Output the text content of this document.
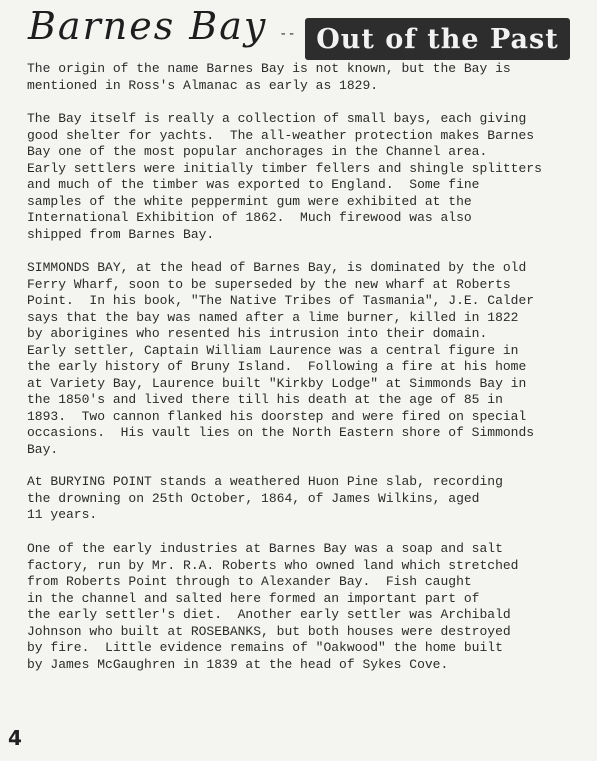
Barnes Bay -- Out of the Past
The origin of the name Barnes Bay is not known, but the Bay is
mentioned in Ross's Almanac as early as 1829.
The Bay itself is really a collection of small bays, each giving
good shelter for yachts.  The all-weather protection makes Barnes
Bay one of the most popular anchorages in the Channel area.
Early settlers were initially timber fellers and shingle splitters
and much of the timber was exported to England.  Some fine
samples of the white peppermint gum were exhibited at the
International Exhibition of 1862.  Much firewood was also
shipped from Barnes Bay.
SIMMONDS BAY, at the head of Barnes Bay, is dominated by the old
Ferry Wharf, soon to be superseded by the new wharf at Roberts
Point.  In his book, "The Native Tribes of Tasmania", J.E. Calder
says that the bay was named after a lime burner, killed in 1822
by aborigines who resented his intrusion into their domain.
Early settler, Captain William Laurence was a central figure in
the early history of Bruny Island.  Following a fire at his home
at Variety Bay, Laurence built "Kirkby Lodge" at Simmonds Bay in
the 1850's and lived there till his death at the age of 85 in
1893.  Two cannon flanked his doorstep and were fired on special
occasions.  His vault lies on the North Eastern shore of Simmonds
Bay.
At BURYING POINT stands a weathered Huon Pine slab, recording
the drowning on 25th October, 1864, of James Wilkins, aged
11 years.
One of the early industries at Barnes Bay was a soap and salt
factory, run by Mr. R.A. Roberts who owned land which stretched
from Roberts Point through to Alexander Bay.  Fish caught
in the channel and salted here formed an important part of
the early settler's diet.  Another early settler was Archibald
Johnson who built at ROSEBANKS, but both houses were destroyed
by fire.  Little evidence remains of "Oakwood" the home built
by James McGaughren in 1839 at the head of Sykes Cove.
4
